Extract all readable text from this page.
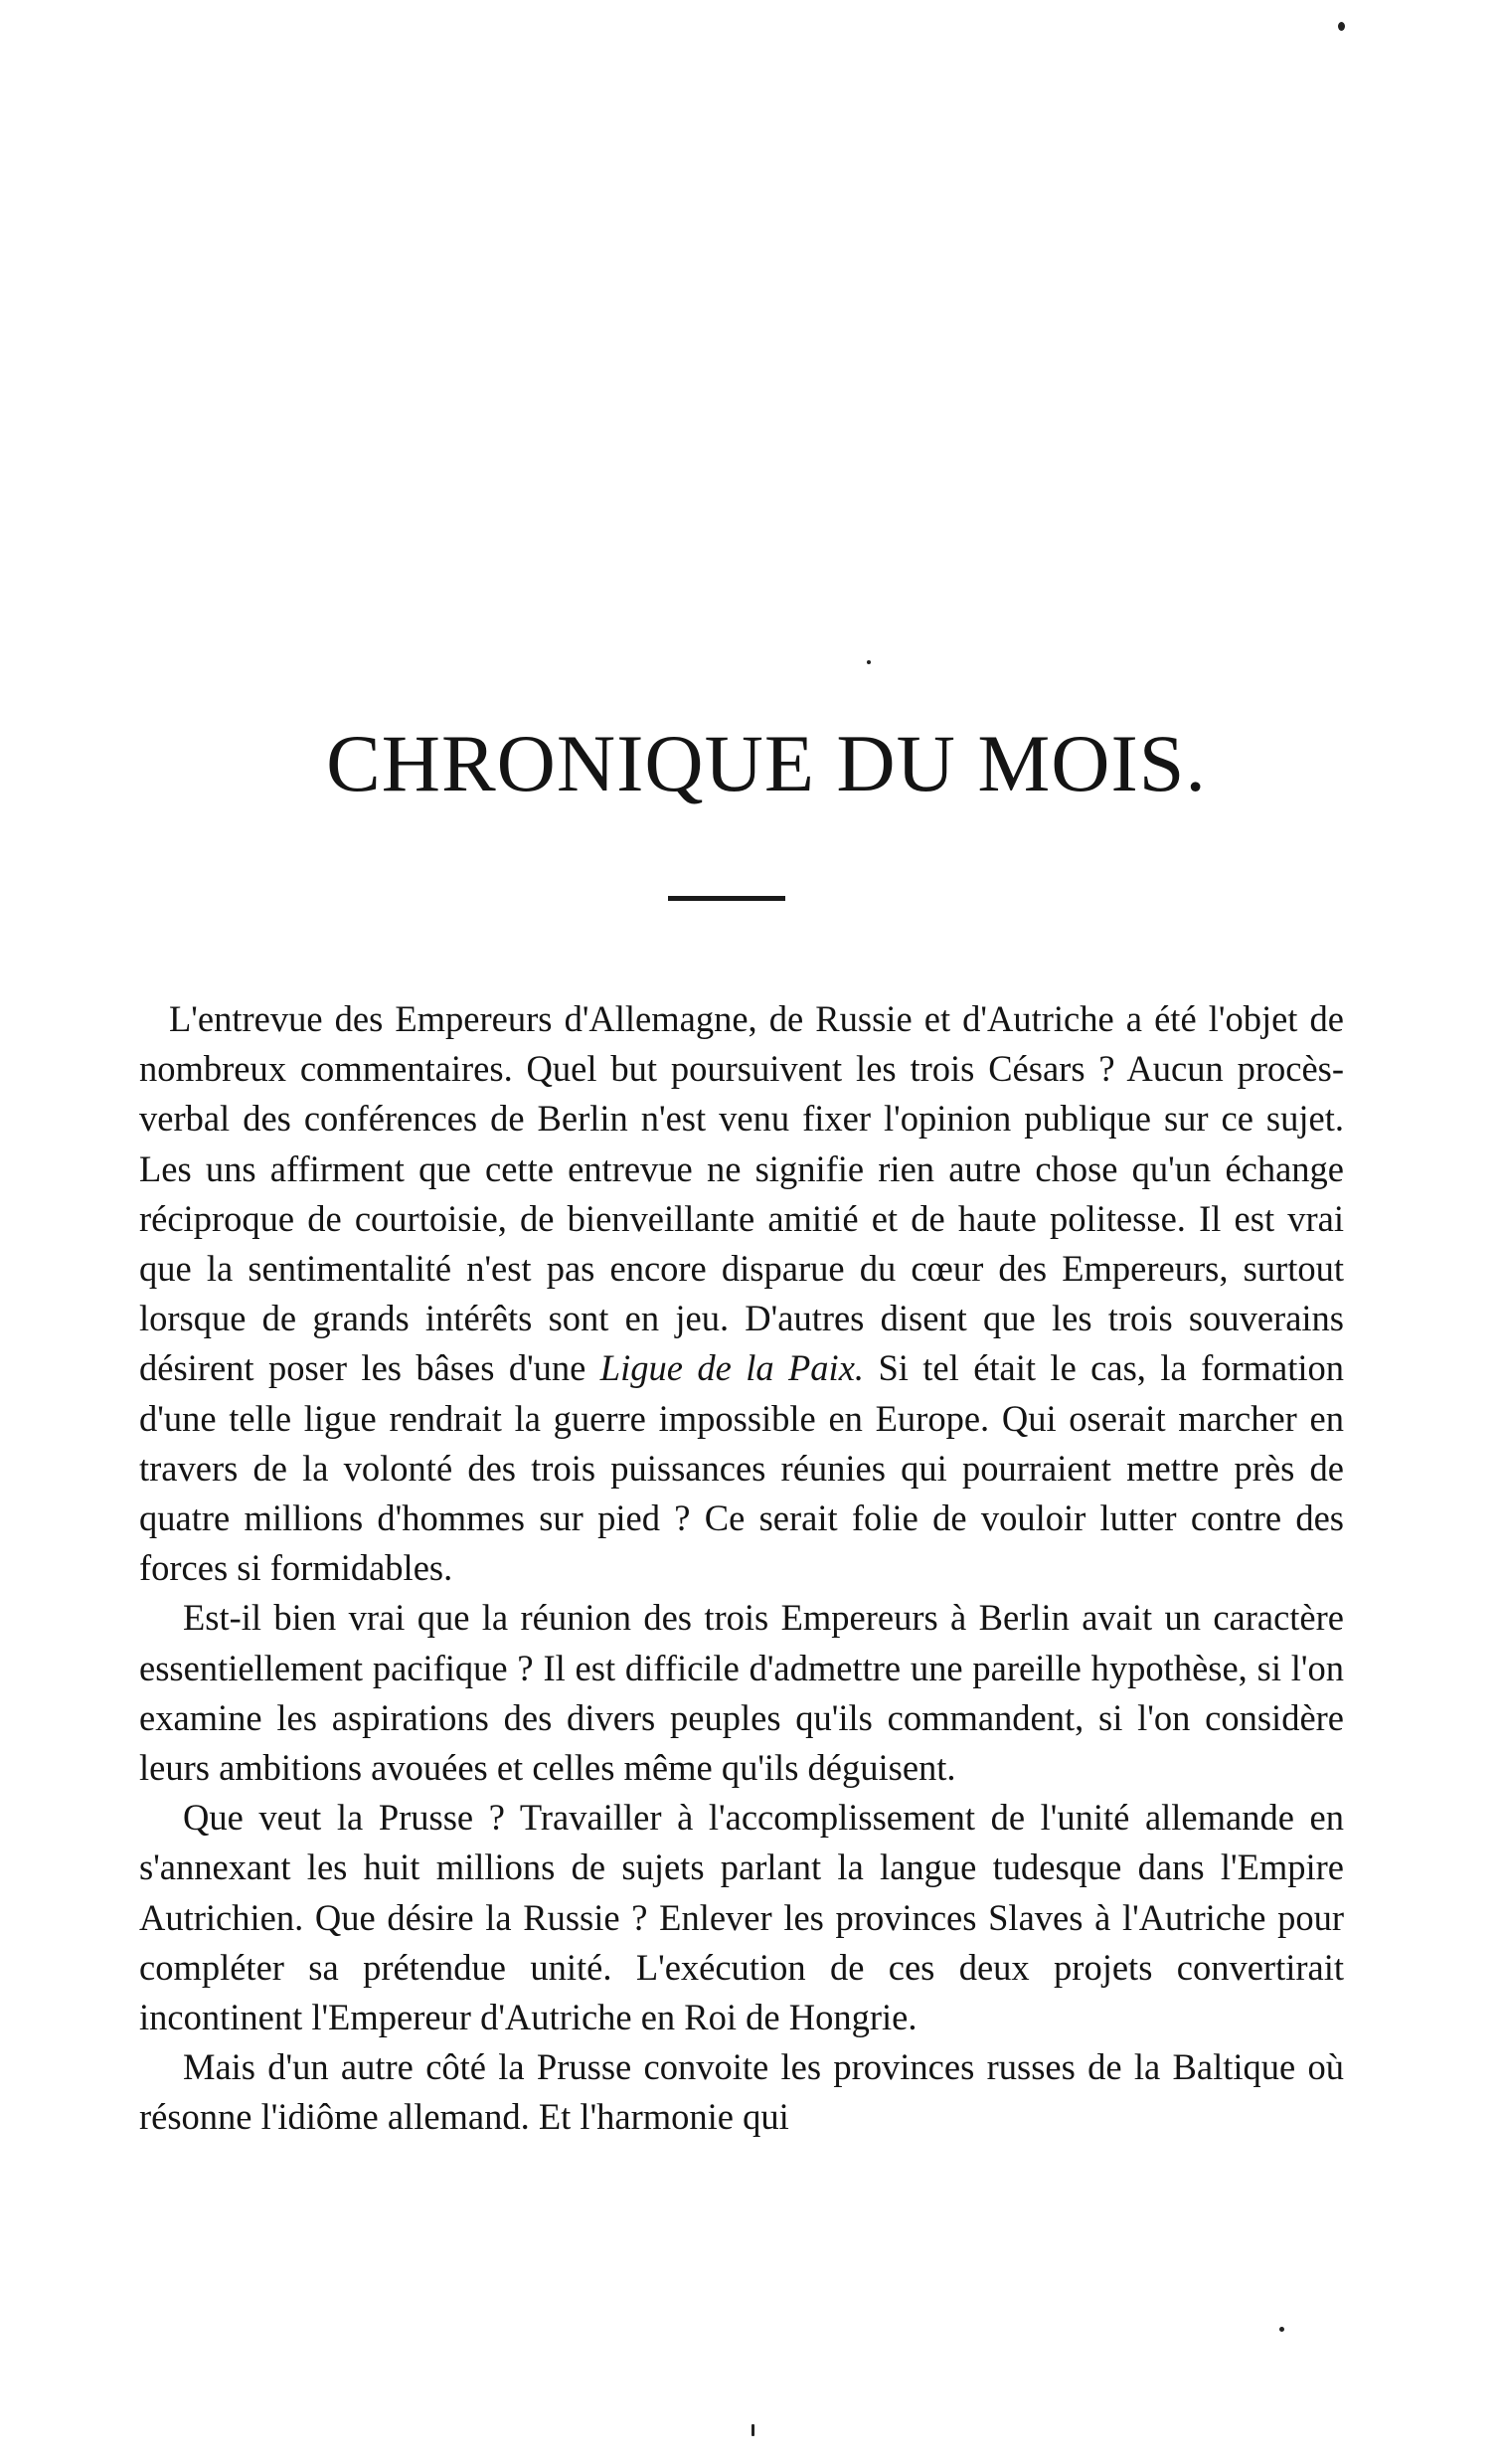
CHRONIQUE DU MOIS.

L'entrevue des Empereurs d'Allemagne, de Russie et d'Autriche a été l'objet de nombreux commentaires. Quel but poursuivent les trois Césars ? Aucun procès-verbal des conférences de Berlin n'est venu fixer l'opinion publique sur ce sujet. Les uns affirment que cette entrevue ne signifie rien autre chose qu'un échange réciproque de courtoisie, de bienveillante amitié et de haute politesse. Il est vrai que la sentimentalité n'est pas encore disparue du cœur des Empereurs, surtout lorsque de grands intérêts sont en jeu. D'autres disent que les trois souverains désirent poser les bâses d'une Ligue de la Paix. Si tel était le cas, la formation d'une telle ligue rendrait la guerre impossible en Europe. Qui oserait marcher en travers de la volonté des trois puissances réunies qui pourraient mettre près de quatre millions d'hommes sur pied ? Ce serait folie de vouloir lutter contre des forces si formidables.

Est-il bien vrai que la réunion des trois Empereurs à Berlin avait un caractère essentiellement pacifique ? Il est difficile d'admettre une pareille hypothèse, si l'on examine les aspirations des divers peuples qu'ils commandent, si l'on considère leurs ambitions avouées et celles même qu'ils déguisent.

Que veut la Prusse ? Travailler à l'accomplissement de l'unité allemande en s'annexant les huit millions de sujets parlant la langue tudesque dans l'Empire Autrichien. Que désire la Russie ? Enlever les provinces Slaves à l'Autriche pour compléter sa prétendue unité. L'exécution de ces deux projets convertirait incontinent l'Empereur d'Autriche en Roi de Hongrie.

Mais d'un autre côté la Prusse convoite les provinces russes de la Baltique où résonne l'idiôme allemand. Et l'harmonie qui
